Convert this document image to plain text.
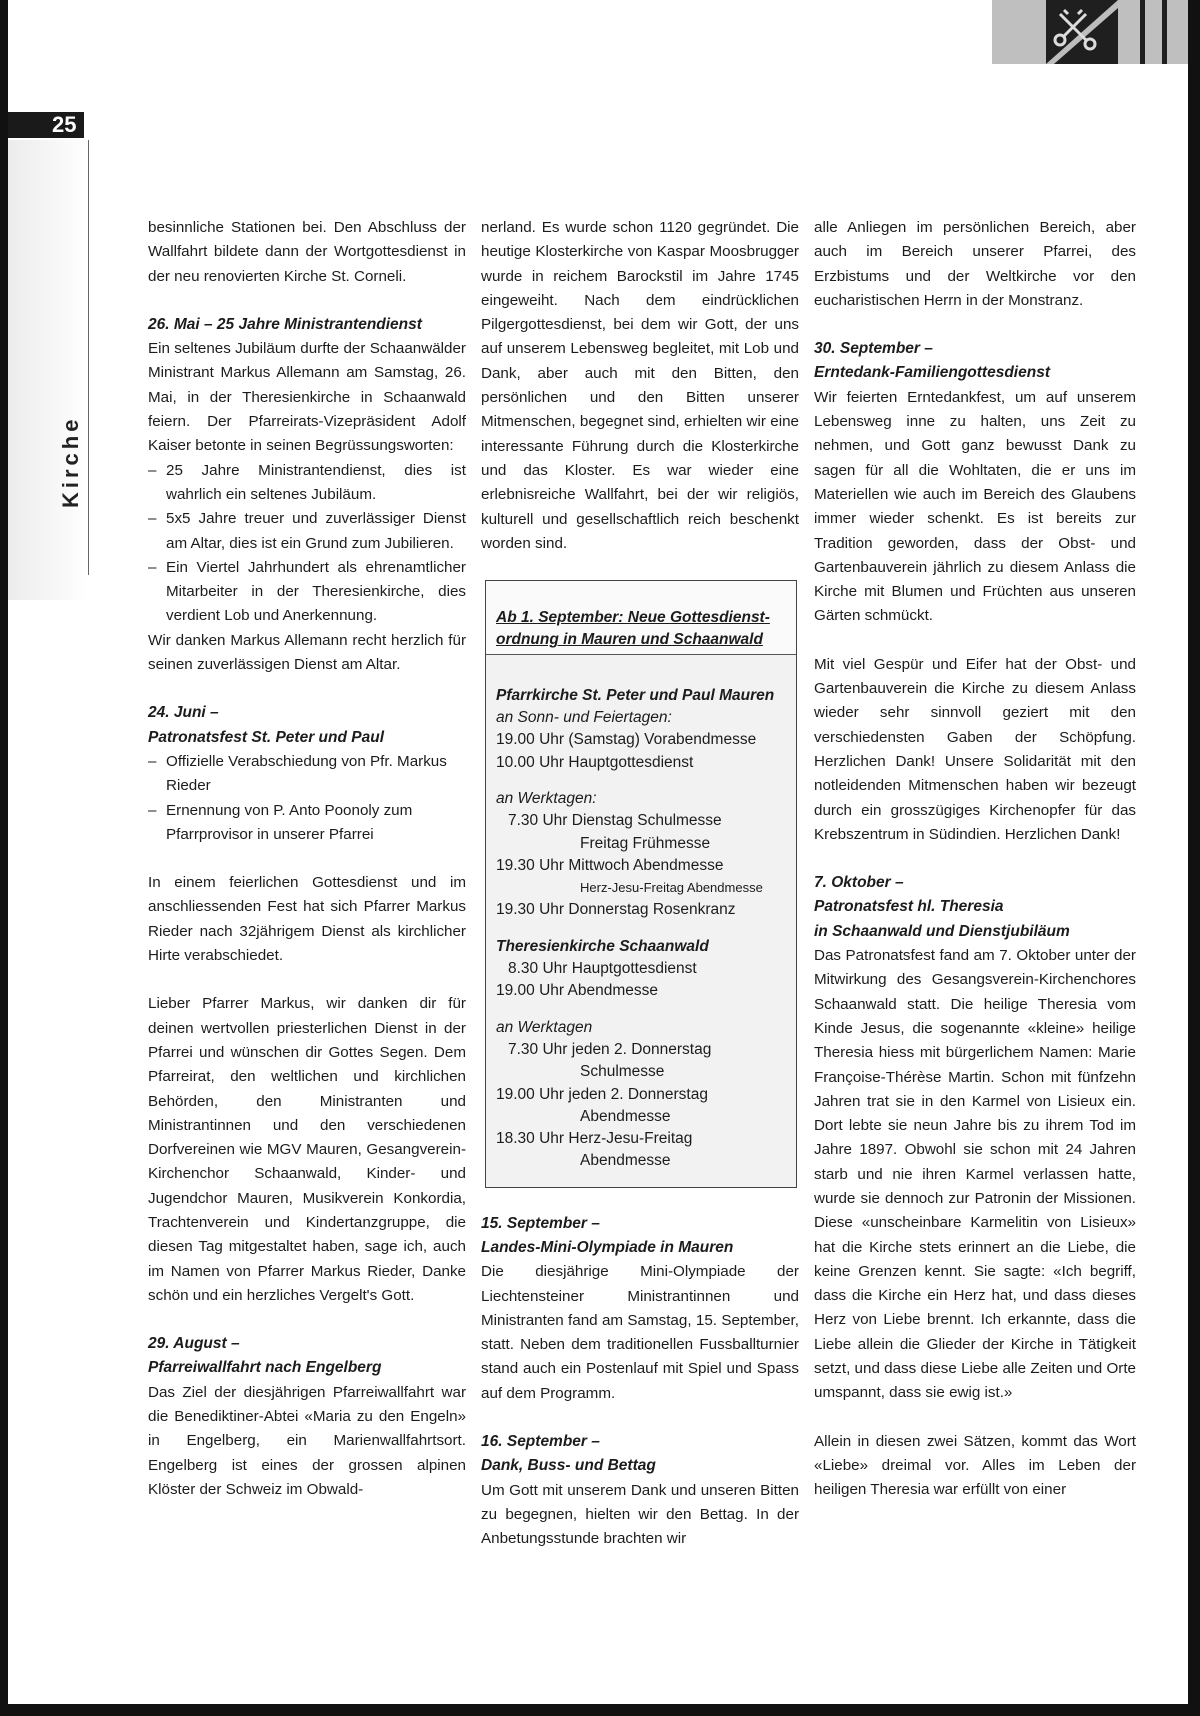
25
Kirche

besinnliche Stationen bei. Den Abschluss der Wallfahrt bildete dann der Wortgottesdienst in der neu renovierten Kirche St. Corneli.

26. Mai – 25 Jahre Ministrantendienst

Ein seltenes Jubiläum durfte der Schaanwälder Ministrant Markus Allemann am Samstag, 26. Mai, in der Theresienkirche in Schaanwald feiern. Der Pfarreirats-Vizepräsident Adolf Kaiser betonte in seinen Begrüssungsworten:

– 25 Jahre Ministrantendienst, dies ist wahrlich ein seltenes Jubiläum.
– 5x5 Jahre treuer und zuverlässiger Dienst am Altar, dies ist ein Grund zum Jubilieren.
– Ein Viertel Jahrhundert als ehrenamtlicher Mitarbeiter in der Theresienkirche, dies verdient Lob und Anerkennung.

Wir danken Markus Allemann recht herzlich für seinen zuverlässigen Dienst am Altar.

24. Juni –
Patronatsfest St. Peter und Paul
– Offizielle Verabschiedung von Pfr. Markus Rieder
– Ernennung von P. Anto Poonoly zum Pfarrprovisor in unserer Pfarrei

In einem feierlichen Gottesdienst und im anschliessenden Fest hat sich Pfarrer Markus Rieder nach 32jährigem Dienst als kirchlicher Hirte verabschiedet.

Lieber Pfarrer Markus, wir danken dir für deinen wertvollen priesterlichen Dienst in der Pfarrei und wünschen dir Gottes Segen. Dem Pfarreirat, den weltlichen und kirchlichen Behörden, den Ministranten und Ministrantinnen und den verschiedenen Dorfvereinen wie MGV Mauren, Gesangverein-Kirchenchor Schaanwald, Kinder- und Jugendchor Mauren, Musikverein Konkordia, Trachtenverein und Kindertanzgruppe, die diesen Tag mitgestaltet haben, sage ich, auch im Namen von Pfarrer Markus Rieder, Danke schön und ein herzliches Vergelt's Gott.

29. August –
Pfarreiwallfahrt nach Engelberg

Das Ziel der diesjährigen Pfarreiwallfahrt war die Benediktiner-Abtei «Maria zu den Engeln» in Engelberg, ein Marienwallfahrtsort. Engelberg ist eines der grossen alpinen Klöster der Schweiz im Obwald-

nerland. Es wurde schon 1120 gegründet. Die heutige Klosterkirche von Kaspar Moosbrugger wurde in reichem Barockstil im Jahre 1745 eingeweiht. Nach dem eindrücklichen Pilgergottesdienst, bei dem wir Gott, der uns auf unserem Lebensweg begleitet, mit Lob und Dank, aber auch mit den Bitten, den persönlichen und den Bitten unserer Mitmenschen, begegnet sind, erhielten wir eine interessante Führung durch die Klosterkirche und das Kloster. Es war wieder eine erlebnisreiche Wallfahrt, bei der wir religiös, kulturell und gesellschaftlich reich beschenkt worden sind.

Ab 1. September: Neue Gottesdienst-
ordnung in Mauren und Schaanwald
Pfarrkirche St. Peter und Paul Mauren
an Sonn- und Feiertagen:
19.00 Uhr (Samstag) Vorabendmesse
10.00 Uhr Hauptgottesdienst
an Werktagen:
7.30 Uhr Dienstag Schulmesse
Freitag Frühmesse
19.30 Uhr Mittwoch Abendmesse
Herz-Jesu-Freitag Abendmesse
19.30 Uhr Donnerstag Rosenkranz
Theresienkirche Schaanwald
8.30 Uhr Hauptgottesdienst
19.00 Uhr Abendmesse
an Werktagen
7.30 Uhr jeden 2. Donnerstag
Schulmesse
19.00 Uhr jeden 2. Donnerstag
Abendmesse
18.30 Uhr Herz-Jesu-Freitag
Abendmesse
15. September –
Landes-Mini-Olympiade in Mauren

Die diesjährige Mini-Olympiade der Liechtensteiner Ministrantinnen und Ministranten fand am Samstag, 15. September, statt. Neben dem traditionellen Fussballturnier stand auch ein Postenlauf mit Spiel und Spass auf dem Programm.

16. September –
Dank, Buss- und Bettag

Um Gott mit unserem Dank und unseren Bitten zu begegnen, hielten wir den Bettag. In der Anbetungsstunde brachten wir

alle Anliegen im persönlichen Bereich, aber auch im Bereich unserer Pfarrei, des Erzbistums und der Weltkirche vor den eucharistischen Herrn in der Monstranz.

30. September –
Erntedank-Familiengottesdienst

Wir feierten Erntedankfest, um auf unserem Lebensweg inne zu halten, uns Zeit zu nehmen, und Gott ganz bewusst Dank zu sagen für all die Wohltaten, die er uns im Materiellen wie auch im Bereich des Glaubens immer wieder schenkt. Es ist bereits zur Tradition geworden, dass der Obst- und Gartenbauverein jährlich zu diesem Anlass die Kirche mit Blumen und Früchten aus unseren Gärten schmückt.

Mit viel Gespür und Eifer hat der Obst- und Gartenbauverein die Kirche zu diesem Anlass wieder sehr sinnvoll geziert mit den verschiedensten Gaben der Schöpfung. Herzlichen Dank! Unsere Solidarität mit den notleidenden Mitmenschen haben wir bezeugt durch ein grosszügiges Kirchenopfer für das Krebszentrum in Südindien. Herzlichen Dank!

7. Oktober –
Patronatsfest hl. Theresia
in Schaanwald und Dienstjubiläum

Das Patronatsfest fand am 7. Oktober unter der Mitwirkung des Gesangsverein-Kirchenchores Schaanwald statt. Die heilige Theresia vom Kinde Jesus, die sogenannte «kleine» heilige Theresia hiess mit bürgerlichem Namen: Marie Françoise-Thérèse Martin. Schon mit fünfzehn Jahren trat sie in den Karmel von Lisieux ein. Dort lebte sie neun Jahre bis zu ihrem Tod im Jahre 1897. Obwohl sie schon mit 24 Jahren starb und nie ihren Karmel verlassen hatte, wurde sie dennoch zur Patronin der Missionen. Diese «unscheinbare Karmelitin von Lisieux» hat die Kirche stets erinnert an die Liebe, die keine Grenzen kennt. Sie sagte: «Ich begriff, dass die Kirche ein Herz hat, und dass dieses Herz von Liebe brennt. Ich erkannte, dass die Liebe allein die Glieder der Kirche in Tätigkeit setzt, und dass diese Liebe alle Zeiten und Orte umspannt, dass sie ewig ist.»

Allein in diesen zwei Sätzen, kommt das Wort «Liebe» dreimal vor. Alles im Leben der heiligen Theresia war erfüllt von einer
